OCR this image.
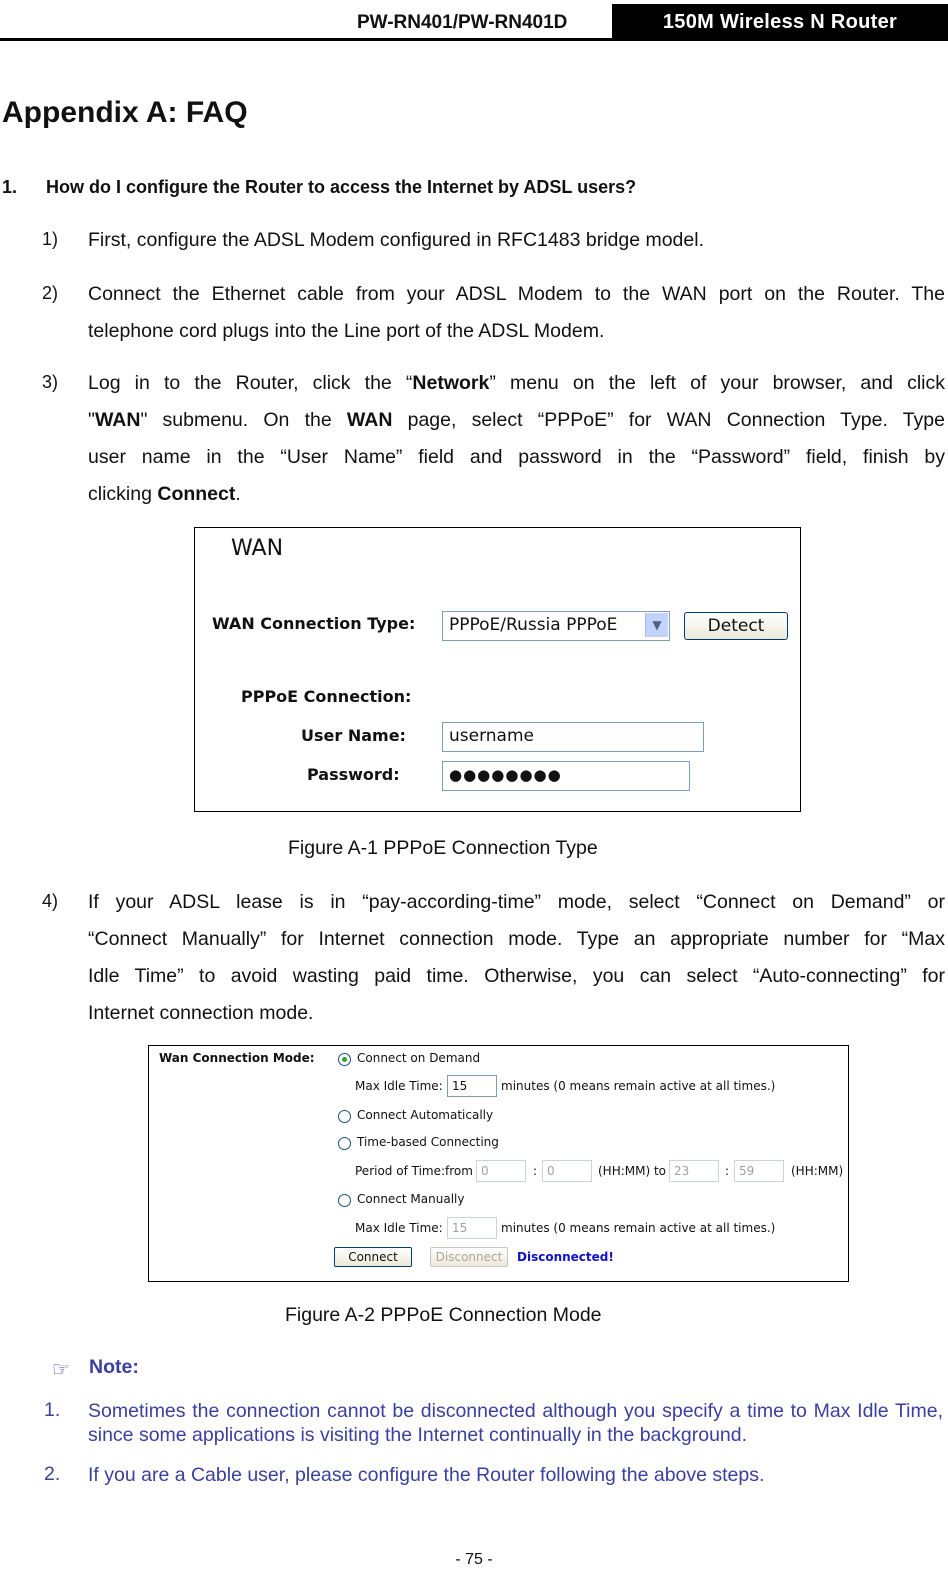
PW-RN401/PW-RN401D	150M Wireless N Router
Appendix A: FAQ
1. How do I configure the Router to access the Internet by ADSL users?
1) First, configure the ADSL Modem configured in RFC1483 bridge model.
2) Connect the Ethernet cable from your ADSL Modem to the WAN port on the Router. The
telephone cord plugs into the Line port of the ADSL Modem.
3) Log in to the Router, click the “Network” menu on the left of your browser, and click
"WAN" submenu. On the WAN page, select “PPPoE” for WAN Connection Type. Type
user name in the “User Name” field and password in the “Password” field, finish by
clicking Connect.
WAN
WAN Connection Type:	PPPoE/Russia PPPoE	▼	Detect
PPPoE Connection:
User Name:	username
Password:	●●●●●●●●
Figure A-1 PPPoE Connection Type
4) If your ADSL lease is in “pay-according-time” mode, select “Connect on Demand” or
“Connect Manually” for Internet connection mode. Type an appropriate number for “Max
Idle Time” to avoid wasting paid time. Otherwise, you can select “Auto-connecting” for
Internet connection mode.
Wan Connection Mode:	Connect on Demand
Max Idle Time: 15	minutes (0 means remain active at all times.)
Connect Automatically
Time-based Connecting
Period of Time:from 0	: 0	(HH:MM) to 23	: 59	(HH:MM)
Connect Manually
Max Idle Time: 15	minutes (0 means remain active at all times.)
Connect	Disconnect	Disconnected!
Figure A-2 PPPoE Connection Mode
☞ Note:
1. Sometimes the connection cannot be disconnected although you specify a time to Max Idle Time, since some applications is visiting the Internet continually in the background.
2. If you are a Cable user, please configure the Router following the above steps.
- 75 -
